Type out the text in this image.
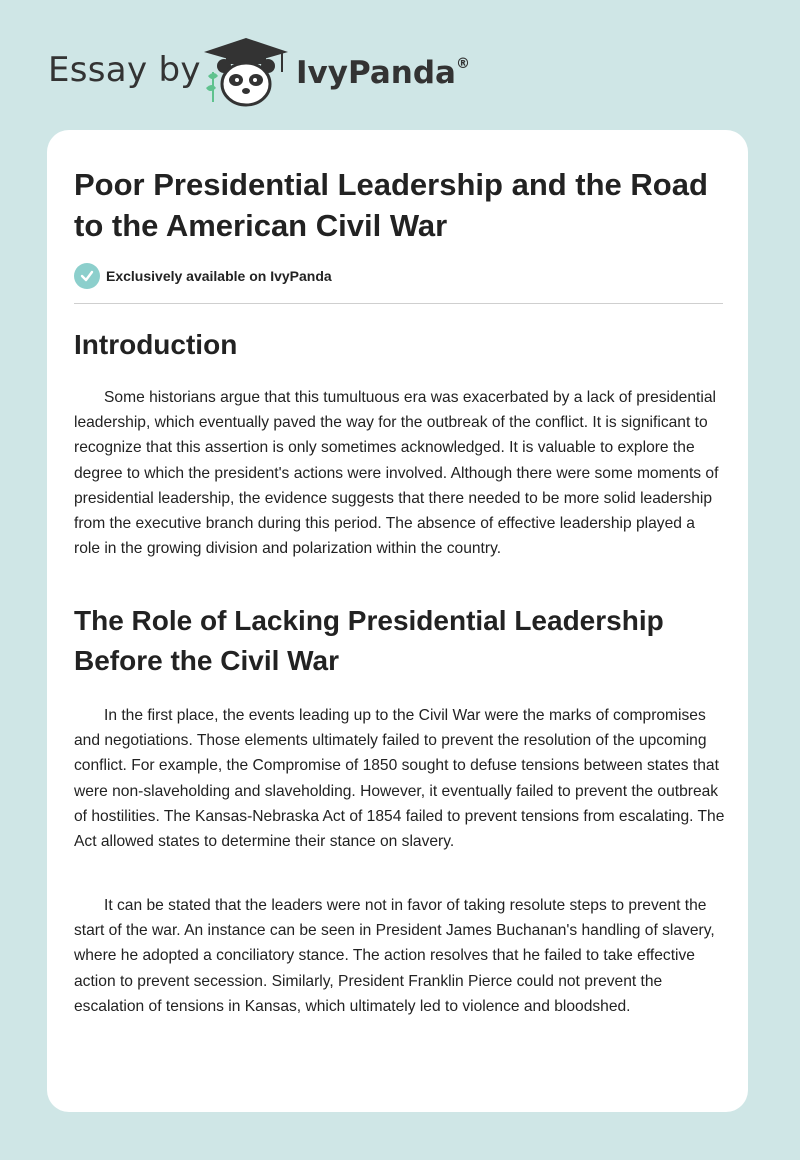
Essay by	IvyPanda®
Poor Presidential Leadership and the Road to the American Civil War
Exclusively available on IvyPanda
Introduction

Some historians argue that this tumultuous era was exacerbated by a lack of presidential leadership, which eventually paved the way for the outbreak of the conflict. It is significant to recognize that this assertion is only sometimes acknowledged. It is valuable to explore the degree to which the president's actions were involved. Although there were some moments of presidential leadership, the evidence suggests that there needed to be more solid leadership from the executive branch during this period. The absence of effective leadership played a role in the growing division and polarization within the country.

The Role of Lacking Presidential Leadership Before the Civil War

In the first place, the events leading up to the Civil War were the marks of compromises and negotiations. Those elements ultimately failed to prevent the resolution of the upcoming conflict. For example, the Compromise of 1850 sought to defuse tensions between states that were non-slaveholding and slaveholding. However, it eventually failed to prevent the outbreak of hostilities. The Kansas-Nebraska Act of 1854 failed to prevent tensions from escalating. The Act allowed states to determine their stance on slavery.

It can be stated that the leaders were not in favor of taking resolute steps to prevent the start of the war. An instance can be seen in President James Buchanan's handling of slavery, where he adopted a conciliatory stance. The action resolves that he failed to take effective action to prevent secession. Similarly, President Franklin Pierce could not prevent the escalation of tensions in Kansas, which ultimately led to violence and bloodshed.
